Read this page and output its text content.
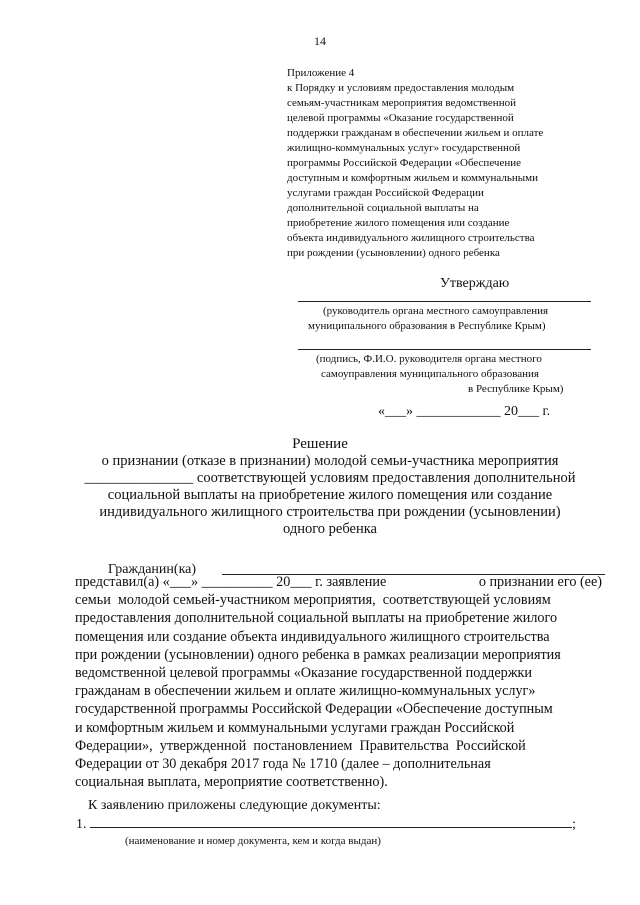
14
Приложение 4
к Порядку и условиям предоставления молодым
семьям-участникам мероприятия ведомственной
целевой программы «Оказание государственной
поддержки гражданам в обеспечении жильем и оплате
жилищно-коммунальных услуг» государственной
программы Российской Федерации «Обеспечение
доступным и комфортным жильем и коммунальными
услугами граждан Российской Федерации
дополнительной социальной выплаты на
приобретение жилого помещения или создание
объекта индивидуального жилищного строительства
при рождении (усыновлении) одного ребенка
Утверждаю
(руководитель органа местного самоуправления
муниципального образования в Республике Крым)
(подпись, Ф.И.О. руководителя органа местного
самоуправления муниципального образования
в Республике Крым)
«___» ____________ 20___ г.
Решение
о признании (отказе в признании) молодой семьи-участника мероприятия
_______________ соответствующей условиям предоставления дополнительной
социальной выплаты на приобретение жилого помещения или создание
индивидуального жилищного строительства при рождении (усыновлении)
одного ребенка
Гражданин(ка)
представил(а) «___» __________ 20___ г. заявление	о признании его (ее)
семьи  молодой семьей-участником мероприятия,  соответствующей условиям
предоставления дополнительной социальной выплаты на приобретение жилого
помещения или создание объекта индивидуального жилищного строительства
при рождении (усыновлении) одного ребенка в рамках реализации мероприятия
ведомственной целевой программы «Оказание государственной поддержки
гражданам в обеспечении жильем и оплате жилищно-коммунальных услуг»
государственной программы Российской Федерации «Обеспечение доступным
и комфортным жильем и коммунальными услугами граждан Российской
Федерации»,  утвержденной  постановлением  Правительства  Российской
Федерации от 30 декабря 2017 года № 1710 (далее – дополнительная
социальная выплата, мероприятие соответственно).
К заявлению приложены следующие документы:
1.	;
(наименование и номер документа, кем и когда выдан)
